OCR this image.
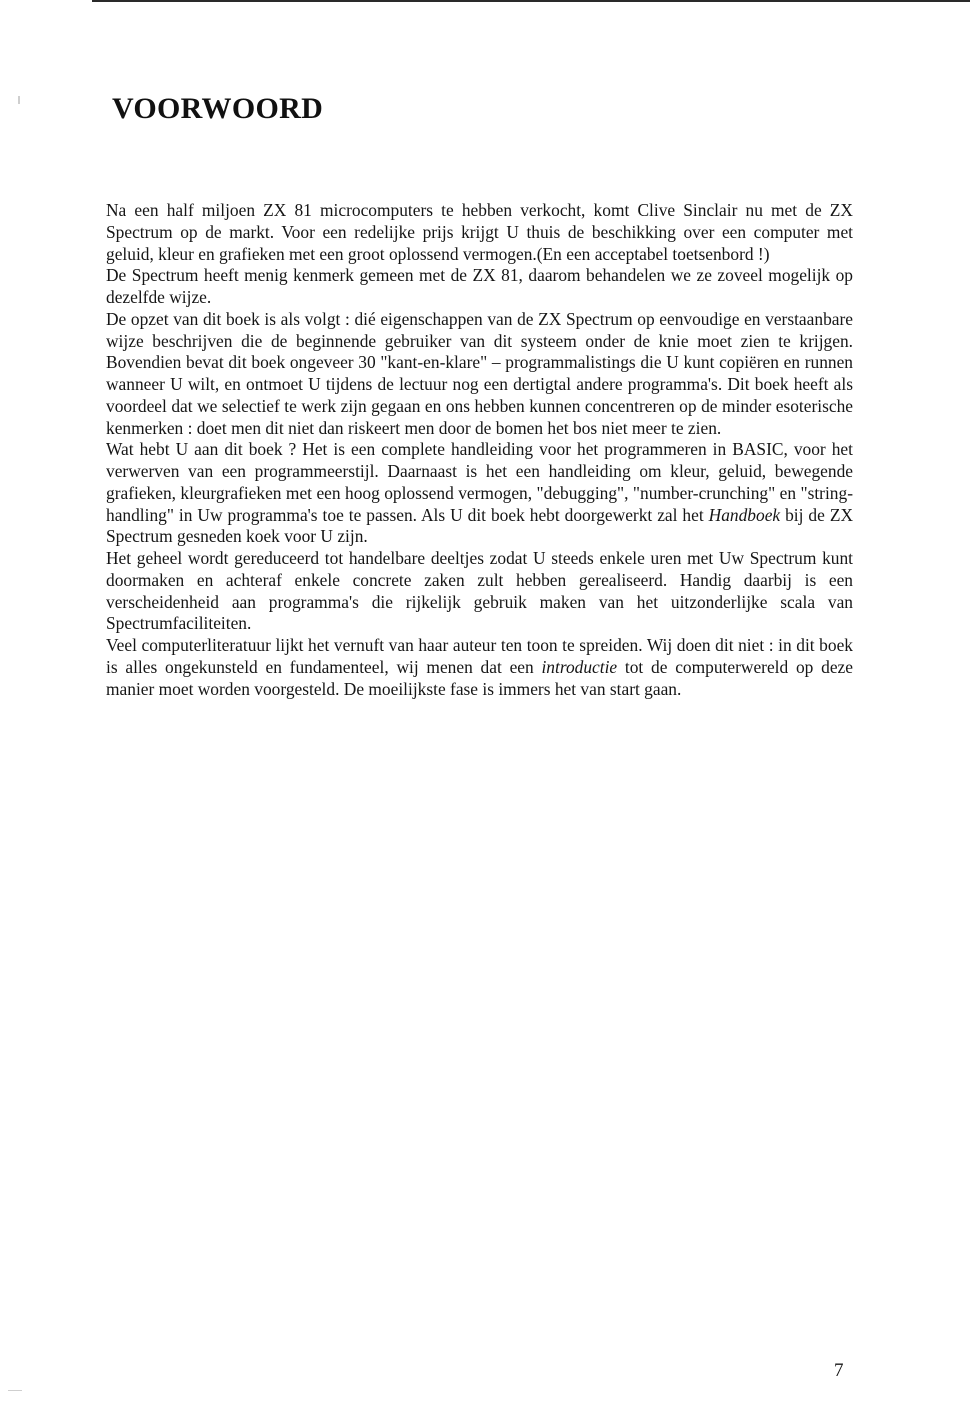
VOORWOORD

Na een half miljoen ZX 81 microcomputers te hebben verkocht, komt Clive Sinclair nu met de ZX Spectrum op de markt. Voor een redelijke prijs krijgt U thuis de beschikking over een computer met geluid, kleur en grafieken met een groot oplossend vermogen.(En een acceptabel toetsenbord !)

De Spectrum heeft menig kenmerk gemeen met de ZX 81, daarom behandelen we ze zoveel mogelijk op dezelfde wijze.

De opzet van dit boek is als volgt : dié eigenschappen van de ZX Spectrum op eenvoudige en verstaanbare wijze beschrijven die de beginnende gebruiker van dit systeem onder de knie moet zien te krijgen. Bovendien bevat dit boek ongeveer 30 "kant-en-klare" – programmalistings die U kunt copiëren en runnen wanneer U wilt, en ontmoet U tijdens de lectuur nog een dertigtal andere programma's. Dit boek heeft als voordeel dat we selectief te werk zijn gegaan en ons hebben kunnen concentreren op de minder esoterische kenmerken : doet men dit niet dan riskeert men door de bomen het bos niet meer te zien.

Wat hebt U aan dit boek ? Het is een complete handleiding voor het programmeren in BASIC, voor het verwerven van een programmeerstijl. Daarnaast is het een handleiding om kleur, geluid, bewegende grafieken, kleurgrafieken met een hoog oplossend vermogen, "debugging", "number-crunching" en "string-handling" in Uw programma's toe te passen. Als U dit boek hebt doorgewerkt zal het Handboek bij de ZX Spectrum gesneden koek voor U zijn.

Het geheel wordt gereduceerd tot handelbare deeltjes zodat U steeds enkele uren met Uw Spectrum kunt doormaken en achteraf enkele concrete zaken zult hebben gerealiseerd. Handig daarbij is een verscheidenheid aan programma's die rijkelijk gebruik maken van het uitzonderlijke scala van Spectrumfaciliteiten.

Veel computerliteratuur lijkt het vernuft van haar auteur ten toon te spreiden. Wij doen dit niet : in dit boek is alles ongekunsteld en fundamenteel, wij menen dat een introductie tot de computerwereld op deze manier moet worden voorgesteld. De moeilijkste fase is immers het van start gaan.

7
